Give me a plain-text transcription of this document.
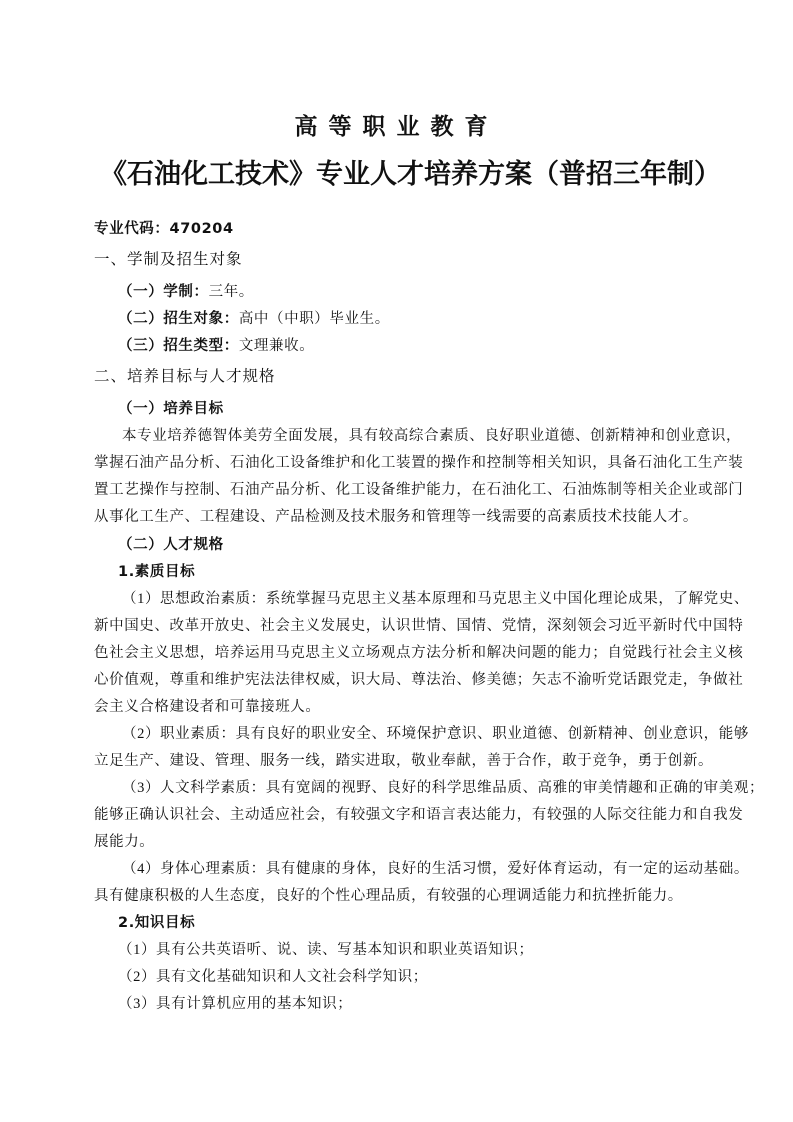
高等职业教育
《石油化工技术》专业人才培养方案（普招三年制）
专业代码：470204
一、学制及招生对象
（一）学制：三年。
（二）招生对象：高中（中职）毕业生。
（三）招生类型：文理兼收。
二、培养目标与人才规格
（一）培养目标
本专业培养德智体美劳全面发展，具有较高综合素质、良好职业道德、创新精神和创业意识，
掌握石油产品分析、石油化工设备维护和化工装置的操作和控制等相关知识，具备石油化工生产装
置工艺操作与控制、石油产品分析、化工设备维护能力，在石油化工、石油炼制等相关企业或部门
从事化工生产、工程建设、产品检测及技术服务和管理等一线需要的高素质技术技能人才。
（二）人才规格
1.素质目标
（1）思想政治素质：系统掌握马克思主义基本原理和马克思主义中国化理论成果，了解党史、
新中国史、改革开放史、社会主义发展史，认识世情、国情、党情，深刻领会习近平新时代中国特
色社会主义思想，培养运用马克思主义立场观点方法分析和解决问题的能力；自觉践行社会主义核
心价值观，尊重和维护宪法法律权威，识大局、尊法治、修美德；矢志不渝听党话跟党走，争做社
会主义合格建设者和可靠接班人。
（2）职业素质：具有良好的职业安全、环境保护意识、职业道德、创新精神、创业意识，能够
立足生产、建设、管理、服务一线，踏实进取，敬业奉献，善于合作，敢于竞争，勇于创新。
（3）人文科学素质：具有宽阔的视野、良好的科学思维品质、高雅的审美情趣和正确的审美观；
能够正确认识社会、主动适应社会，有较强文字和语言表达能力，有较强的人际交往能力和自我发
展能力。
（4）身体心理素质：具有健康的身体，良好的生活习惯，爱好体育运动，有一定的运动基础。
具有健康积极的人生态度，良好的个性心理品质，有较强的心理调适能力和抗挫折能力。
2.知识目标
（1）具有公共英语听、说、读、写基本知识和职业英语知识；
（2）具有文化基础知识和人文社会科学知识；
（3）具有计算机应用的基本知识；
